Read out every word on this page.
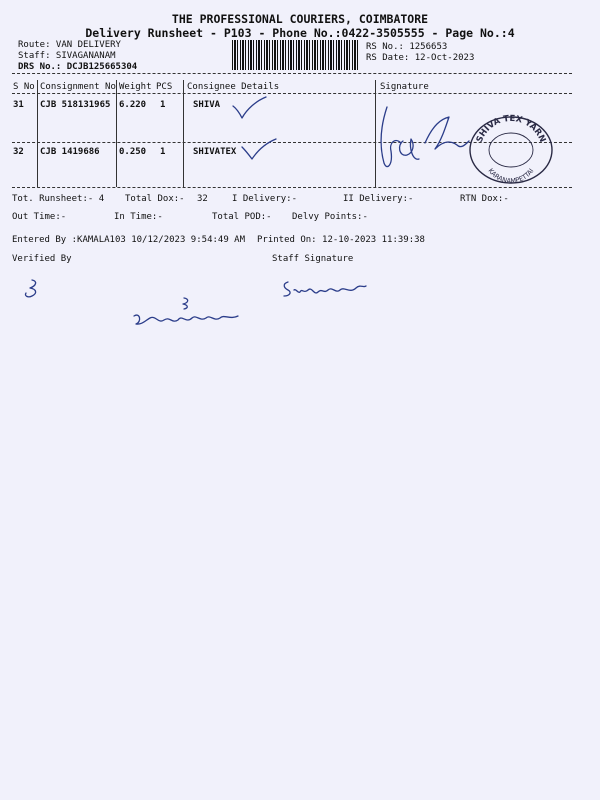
THE PROFESSIONAL COURIERS, COIMBATORE
Delivery Runsheet - P103 - Phone No.:0422-3505555 - Page No.:4
Route: VAN DELIVERY
Staff: SIVAGANANAM
DRS No.: DCJB125665304
RS No.: 1256653
RS Date: 12-Oct-2023
S No Consignment No Weight PCS Consignee Details	Signature
31 CJB 518131965 6.220 1	SHIVA
32 CJB 1419686 0.250 1	SHIVATEX
SHIVA TEX YARN
KARANAMPETTAI
Tot. Runsheet:- 4 Total Dox:- 32	I Delivery:-	II Delivery:-	RTN Dox:-
Out Time:-	In Time:-	Total POD:- Delvy Points:-
Entered By :KAMALA103 10/12/2023 9:54:49 AM Printed On: 12-10-2023 11:39:38
Verified By	Staff Signature
